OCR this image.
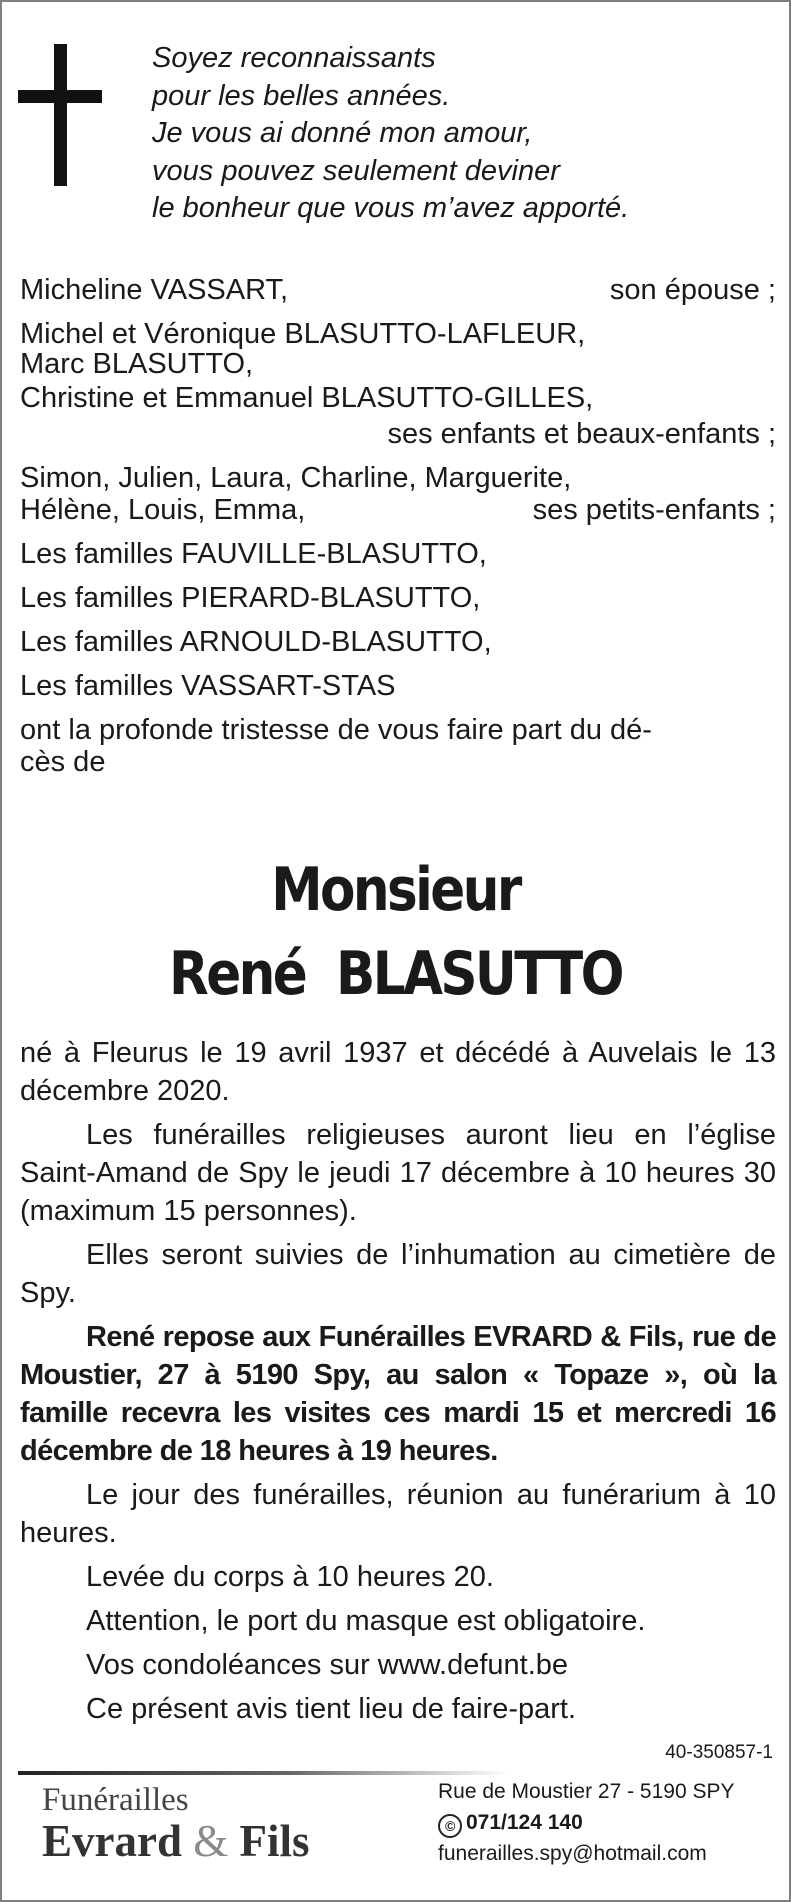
Soyez reconnaissants
pour les belles années.
Je vous ai donné mon amour,
vous pouvez seulement deviner
le bonheur que vous m’avez apporté.
Micheline VASSART,	son épouse ;
Michel et Véronique BLASUTTO-LAFLEUR,
Marc BLASUTTO,
Christine et Emmanuel BLASUTTO-GILLES,
ses enfants et beaux-enfants ;
Simon, Julien, Laura, Charline, Marguerite,
Hélène, Louis, Emma,	ses petits-enfants ;
Les familles FAUVILLE-BLASUTTO,
Les familles PIERARD-BLASUTTO,
Les familles ARNOULD-BLASUTTO,
Les familles VASSART-STAS
ont la profonde tristesse de vous faire part du dé-
cès de
Monsieur
René  BLASUTTO
né à Fleurus le 19 avril 1937 et décédé à Auvelais le 13 décembre 2020.
Les funérailles religieuses auront lieu en l’église Saint-Amand de Spy le jeudi 17 décembre à 10 heures 30 (maximum 15 personnes).
Elles seront suivies de l’inhumation au cimetière de Spy.
René repose aux Funérailles EVRARD & Fils, rue de Moustier, 27 à 5190 Spy, au salon « Topaze », où la famille recevra les visites ces mardi 15 et mercredi 16 décembre de 18 heures à 19 heures.
Le jour des funérailles, réunion au funérarium à 10 heures.
Levée du corps à 10 heures 20.
Attention, le port du masque est obligatoire.
Vos condoléances sur www.defunt.be
Ce présent avis tient lieu de faire-part.
40-350857-1
Funérailles
Evrard & Fils
Rue de Moustier 27 - 5190 SPY
© 071/124 140
funerailles.spy@hotmail.com
